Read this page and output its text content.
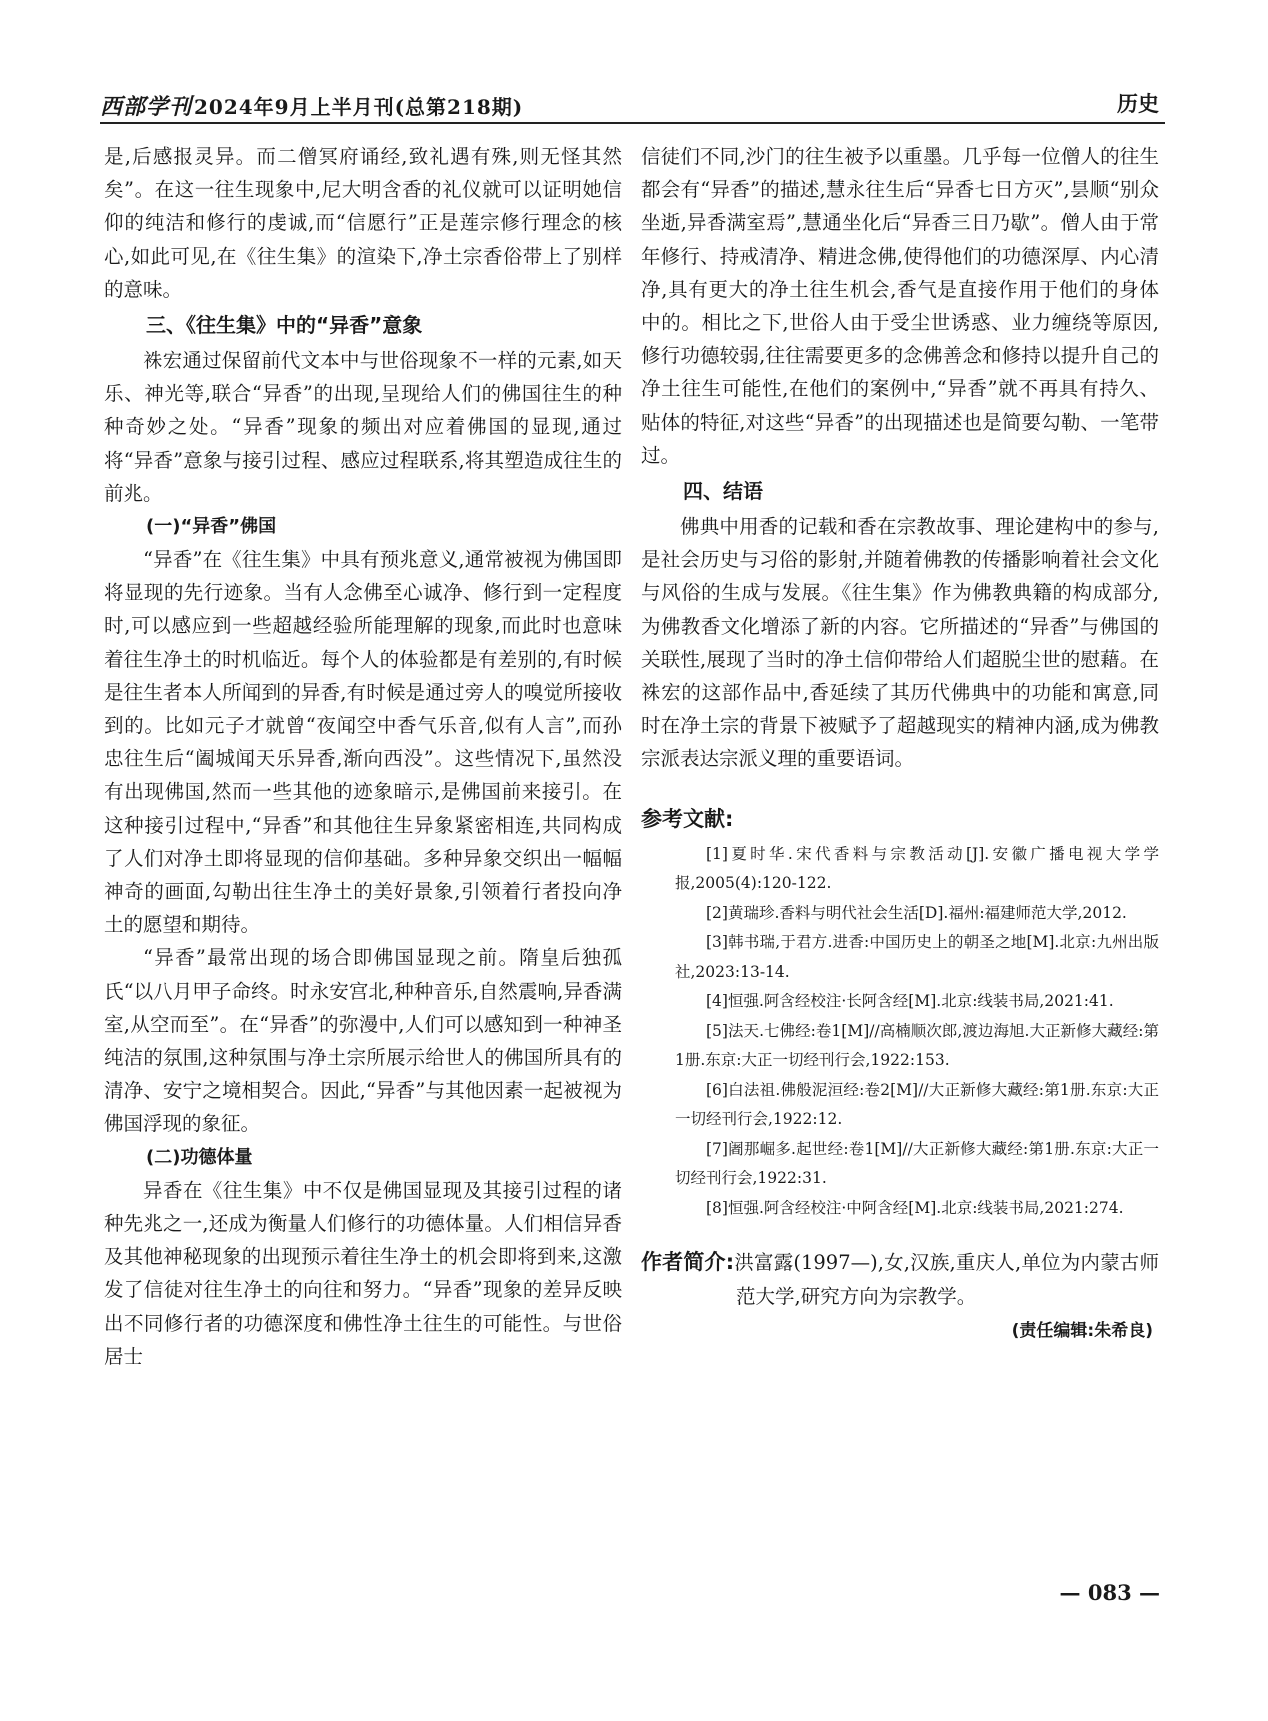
西部学刊 2024年9月上半月刊(总第218期)	历史

是,后感报灵异。而二僧冥府诵经,致礼遇有殊,则无怪其然矣”。在这一往生现象中,尼大明含香的礼仪就可以证明她信仰的纯洁和修行的虔诚,而“信愿行”正是莲宗修行理念的核心,如此可见,在《往生集》的渲染下,净土宗香俗带上了别样的意味。

三、《往生集》中的“异香”意象

袾宏通过保留前代文本中与世俗现象不一样的元素,如天乐、神光等,联合“异香”的出现,呈现给人们的佛国往生的种种奇妙之处。“异香”现象的频出对应着佛国的显现,通过将“异香”意象与接引过程、感应过程联系,将其塑造成往生的前兆。

(一)“异香”佛国

“异香”在《往生集》中具有预兆意义,通常被视为佛国即将显现的先行迹象。当有人念佛至心诚净、修行到一定程度时,可以感应到一些超越经验所能理解的现象,而此时也意味着往生净土的时机临近。每个人的体验都是有差别的,有时候是往生者本人所闻到的异香,有时候是通过旁人的嗅觉所接收到的。比如元子才就曾“夜闻空中香气乐音,似有人言”,而孙忠往生后“阖城闻天乐异香,渐向西没”。这些情况下,虽然没有出现佛国,然而一些其他的迹象暗示,是佛国前来接引。在这种接引过程中,“异香”和其他往生异象紧密相连,共同构成了人们对净土即将显现的信仰基础。多种异象交织出一幅幅神奇的画面,勾勒出往生净土的美好景象,引领着行者投向净土的愿望和期待。

“异香”最常出现的场合即佛国显现之前。隋皇后独孤氏“以八月甲子命终。时永安宫北,种种音乐,自然震响,异香满室,从空而至”。在“异香”的弥漫中,人们可以感知到一种神圣纯洁的氛围,这种氛围与净土宗所展示给世人的佛国所具有的清净、安宁之境相契合。因此,“异香”与其他因素一起被视为佛国浮现的象征。

(二)功德体量

异香在《往生集》中不仅是佛国显现及其接引过程的诸种先兆之一,还成为衡量人们修行的功德体量。人们相信异香及其他神秘现象的出现预示着往生净土的机会即将到来,这激发了信徒对往生净土的向往和努力。“异香”现象的差异反映出不同修行者的功德深度和佛性净土往生的可能性。与世俗居士

信徒们不同,沙门的往生被予以重墨。几乎每一位僧人的往生都会有“异香”的描述,慧永往生后“异香七日方灭”,昙顺“别众坐逝,异香满室焉”,慧通坐化后“异香三日乃歇”。僧人由于常年修行、持戒清净、精进念佛,使得他们的功德深厚、内心清净,具有更大的净土往生机会,香气是直接作用于他们的身体中的。相比之下,世俗人由于受尘世诱惑、业力缠绕等原因,修行功德较弱,往往需要更多的念佛善念和修持以提升自己的净土往生可能性,在他们的案例中,“异香”就不再具有持久、贴体的特征,对这些“异香”的出现描述也是简要勾勒、一笔带过。

四、结语

佛典中用香的记载和香在宗教故事、理论建构中的参与,是社会历史与习俗的影射,并随着佛教的传播影响着社会文化与风俗的生成与发展。《往生集》作为佛教典籍的构成部分,为佛教香文化增添了新的内容。它所描述的“异香”与佛国的关联性,展现了当时的净土信仰带给人们超脱尘世的慰藉。在袾宏的这部作品中,香延续了其历代佛典中的功能和寓意,同时在净土宗的背景下被赋予了超越现实的精神内涵,成为佛教宗派表达宗派义理的重要语词。

参考文献:

[1]夏时华.宋代香料与宗教活动[J].安徽广播电视大学学报,2005(4):120-122.

[2]黄瑞珍.香料与明代社会生活[D].福州:福建师范大学,2012.

[3]韩书瑞,于君方.进香:中国历史上的朝圣之地[M].北京:九州出版社,2023:13-14.

[4]恒强.阿含经校注·长阿含经[M].北京:线装书局,2021:41.

[5]法天.七佛经:卷1[M]//高楠顺次郎,渡边海旭.大正新修大藏经:第1册.东京:大正一切经刊行会,1922:153.

[6]白法祖.佛般泥洹经:卷2[M]//大正新修大藏经:第1册.东京:大正一切经刊行会,1922:12.

[7]阇那崛多.起世经:卷1[M]//大正新修大藏经:第1册.东京:大正一切经刊行会,1922:31.

[8]恒强.阿含经校注·中阿含经[M].北京:线装书局,2021:274.

作者简介:洪富露(1997—),女,汉族,重庆人,单位为内蒙古师范大学,研究方向为宗教学。
(责任编辑:朱希良)
— 083 —
